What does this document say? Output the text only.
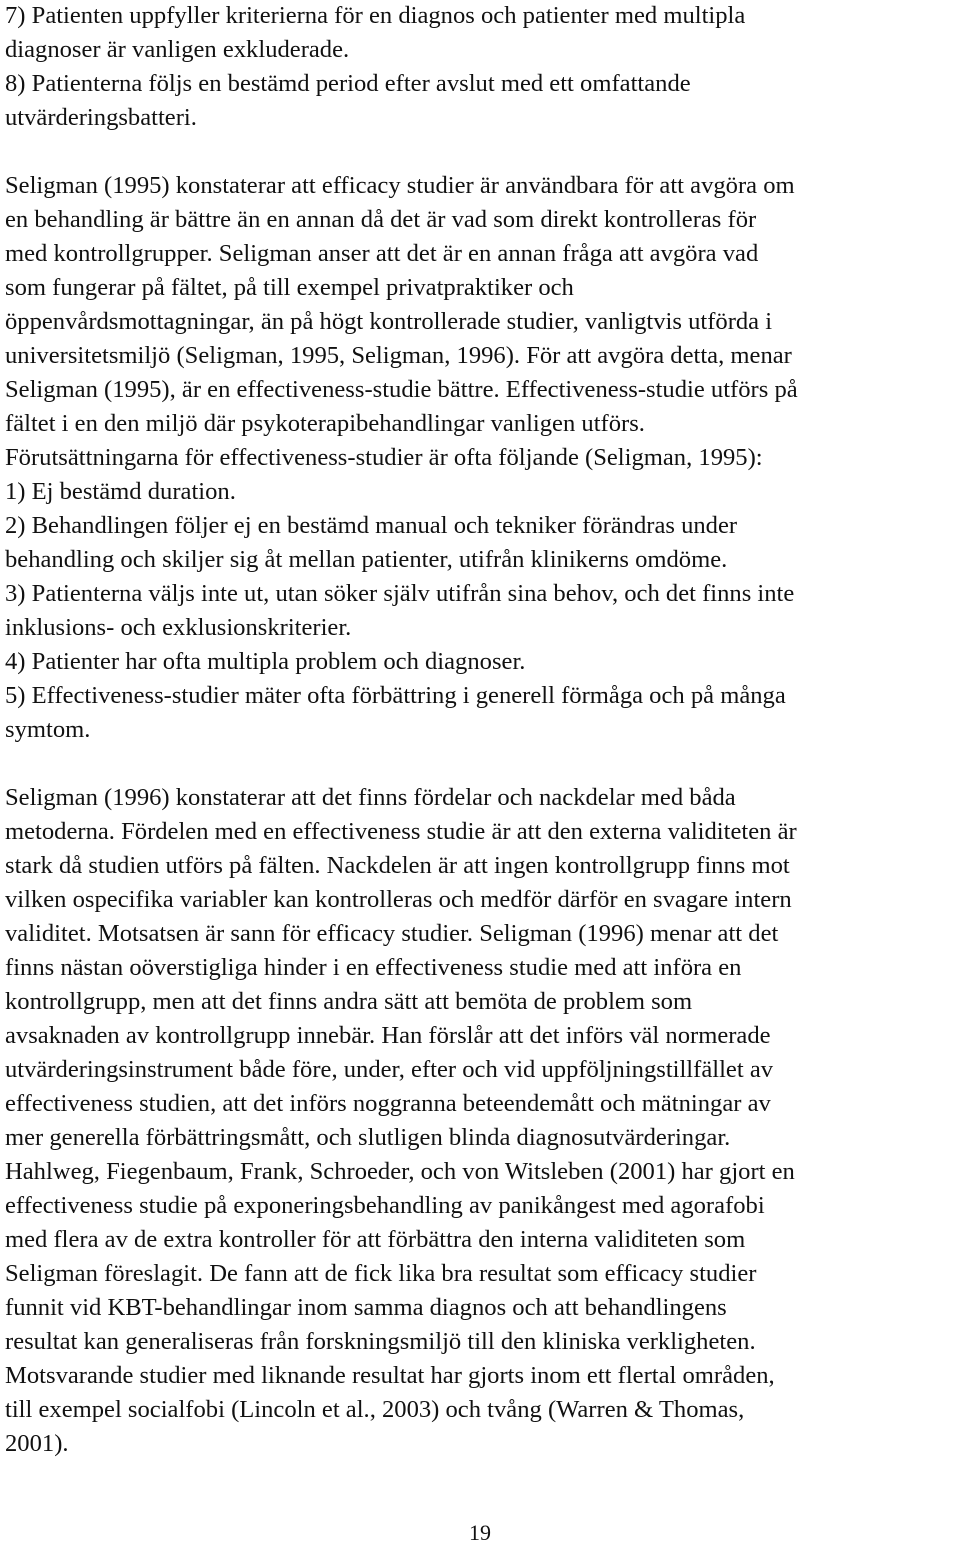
7) Patienten uppfyller kriterierna för en diagnos och patienter med multipla
diagnoser är vanligen exkluderade.
8) Patienterna följs en bestämd period efter avslut med ett omfattande
utvärderingsbatteri.
Seligman (1995) konstaterar att efficacy studier är användbara för att avgöra om
en behandling är bättre än en annan då det är vad som direkt kontrolleras för
med kontrollgrupper. Seligman anser att det är en annan fråga att avgöra vad
som fungerar på fältet, på till exempel privatpraktiker och
öppenvårdsmottagningar, än på högt kontrollerade studier, vanligtvis utförda i
universitetsmiljö (Seligman, 1995, Seligman, 1996). För att avgöra detta, menar
Seligman (1995), är en effectiveness-studie bättre. Effectiveness-studie utförs på
fältet i en den miljö där psykoterapibehandlingar vanligen utförs.
Förutsättningarna för effectiveness-studier är ofta följande (Seligman, 1995):
1) Ej bestämd duration.
2) Behandlingen följer ej en bestämd manual och tekniker förändras under
behandling och skiljer sig åt mellan patienter, utifrån klinikerns omdöme.
3) Patienterna väljs inte ut, utan söker själv utifrån sina behov, och det finns inte
inklusions- och exklusionskriterier.
4) Patienter har ofta multipla problem och diagnoser.
5) Effectiveness-studier mäter ofta förbättring i generell förmåga och på många
symtom.
Seligman (1996) konstaterar att det finns fördelar och nackdelar med båda
metoderna. Fördelen med en effectiveness studie är att den externa validiteten är
stark då studien utförs på fälten. Nackdelen är att ingen kontrollgrupp finns mot
vilken ospecifika variabler kan kontrolleras och medför därför en svagare intern
validitet. Motsatsen är sann för efficacy studier. Seligman (1996) menar att det
finns nästan oöverstigliga hinder i en effectiveness studie med att införa en
kontrollgrupp, men att det finns andra sätt att bemöta de problem som
avsaknaden av kontrollgrupp innebär. Han förslår att det införs väl normerade
utvärderingsinstrument både före, under, efter och vid uppföljningstillfället av
effectiveness studien, att det införs noggranna beteendemått och mätningar av
mer generella förbättringsmått, och slutligen blinda diagnosutvärderingar.
Hahlweg, Fiegenbaum, Frank, Schroeder, och von Witsleben (2001) har gjort en
effectiveness studie på exponeringsbehandling av panikångest med agorafobi
med flera av de extra kontroller för att förbättra den interna validiteten som
Seligman föreslagit. De fann att de fick lika bra resultat som efficacy studier
funnit vid KBT-behandlingar inom samma diagnos och att behandlingens
resultat kan generaliseras från forskningsmiljö till den kliniska verkligheten.
Motsvarande studier med liknande resultat har gjorts inom ett flertal områden,
till exempel socialfobi (Lincoln et al., 2003) och tvång (Warren & Thomas,
2001).
19
